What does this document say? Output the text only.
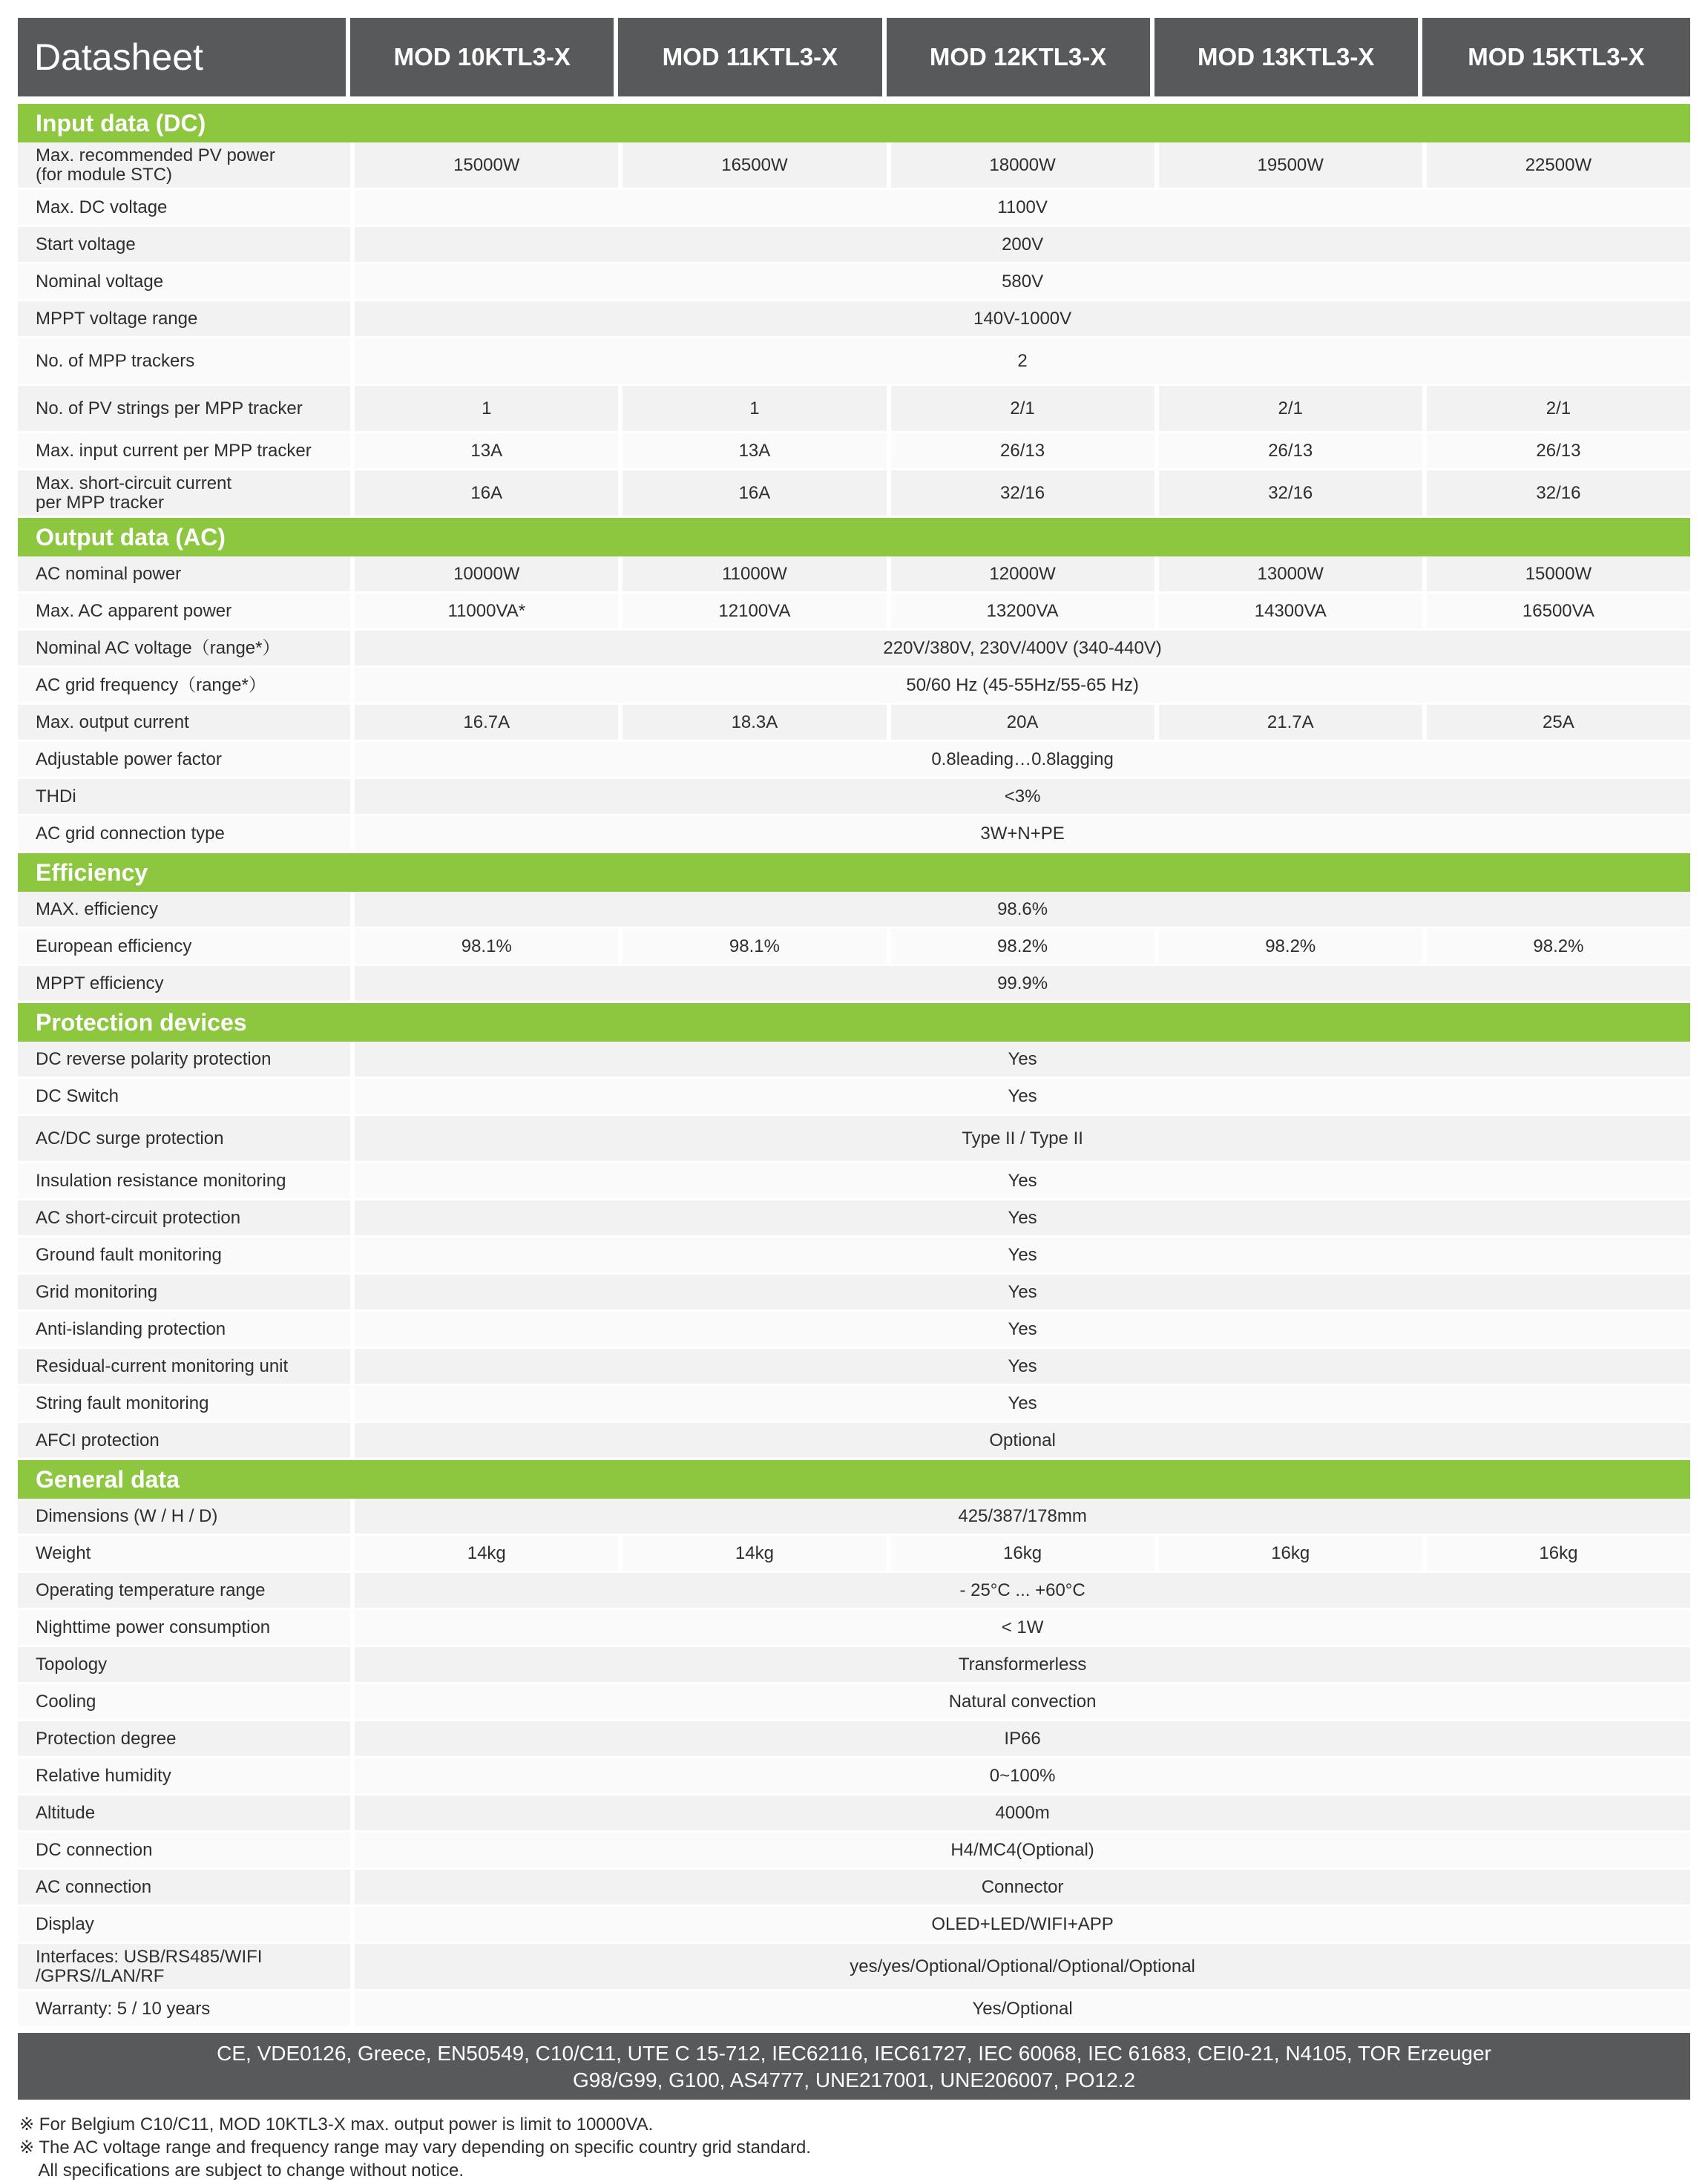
Datasheet	MOD 10KTL3-X	MOD 11KTL3-X	MOD 12KTL3-X	MOD 13KTL3-X	MOD 15KTL3-X

Input data (DC)					
Max. recommended PV power
(for module STC)	15000W	16500W	18000W	19500W	22500W
Max. DC voltage	1100V				
Start voltage	200V				
Nominal voltage	580V				
MPPT voltage range	140V-1000V				
No. of MPP trackers	2				
No. of PV strings per MPP tracker	1	1	2/1	2/1	2/1
Max. input current per MPP tracker	13A	13A	26/13	26/13	26/13
Max. short-circuit current
per MPP tracker	16A	16A	32/16	32/16	32/16
Output data (AC)					
AC nominal power	10000W	11000W	12000W	13000W	15000W
Max. AC apparent power	11000VA*	12100VA	13200VA	14300VA	16500VA
Nominal AC voltage（range*）	220V/380V, 230V/400V (340-440V)				
AC grid frequency（range*）	50/60 Hz (45-55Hz/55-65 Hz)				
Max. output current	16.7A	18.3A	20A	21.7A	25A
Adjustable power factor	0.8leading…0.8lagging				
THDi	<3%				
AC grid connection type	3W+N+PE				
Efficiency					
MAX. efficiency	98.6%				
European efficiency	98.1%	98.1%	98.2%	98.2%	98.2%
MPPT efficiency	99.9%				
Protection devices					
DC reverse polarity protection	Yes				
DC Switch	Yes				
AC/DC surge protection	Type II / Type II				
Insulation resistance monitoring	Yes				
AC short-circuit protection	Yes				
Ground fault monitoring	Yes				
Grid monitoring	Yes				
Anti-islanding protection	Yes				
Residual-current monitoring unit	Yes				
String fault monitoring	Yes				
AFCI protection	Optional				
General data					
Dimensions (W / H / D)	425/387/178mm				
Weight	14kg	14kg	16kg	16kg	16kg
Operating temperature range	- 25°C ... +60°C				
Nighttime power consumption	< 1W				
Topology	Transformerless				
Cooling	Natural convection				
Protection degree	IP66				
Relative humidity	0~100%				
Altitude	4000m				
DC connection	H4/MC4(Optional)				
AC connection	Connector				
Display	OLED+LED/WIFI+APP				
Interfaces: USB/RS485/WIFI
/GPRS//LAN/RF	yes/yes/Optional/Optional/Optional/Optional				
Warranty: 5 / 10 years	Yes/Optional				
CE, VDE0126, Greece, EN50549, C10/C11, UTE C 15-712, IEC62116, IEC61727, IEC 60068, IEC 61683, CEI0-21, N4105, TOR Erzeuger
G98/G99, G100, AS4777, UNE217001, UNE206007, PO12.2
※ For Belgium C10/C11, MOD 10KTL3-X max. output power is limit to 10000VA.
※ The AC voltage range and frequency range may vary depending on specific country grid standard.
All specifications are subject to change without notice.
